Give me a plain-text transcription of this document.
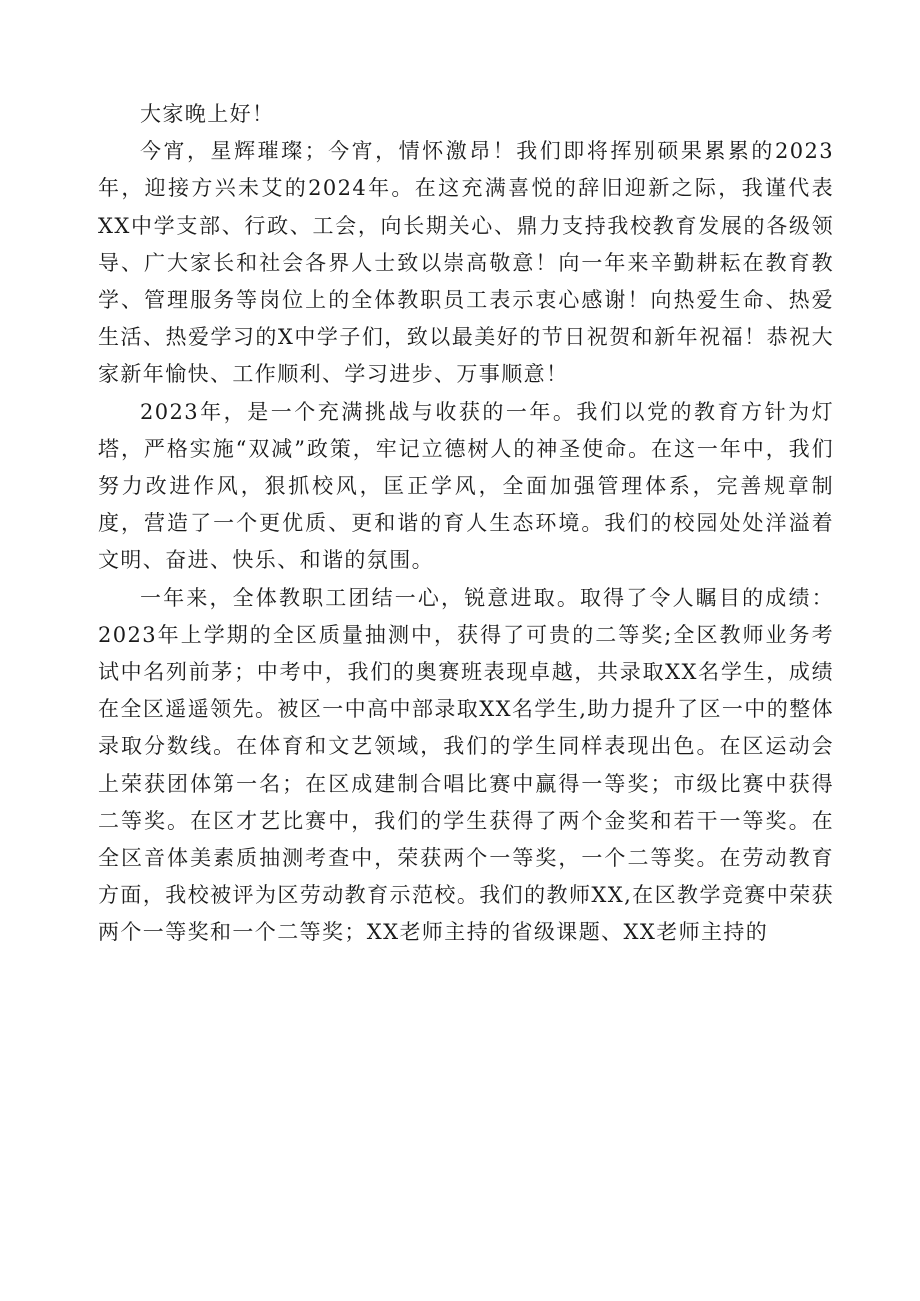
大家晚上好！

今宵，星辉璀璨；今宵，情怀激昂！我们即将挥别硕果累累的2023年，迎接方兴未艾的2024年。在这充满喜悦的辞旧迎新之际，我谨代表XX中学支部、行政、工会，向长期关心、鼎力支持我校教育发展的各级领导、广大家长和社会各界人士致以崇高敬意！向一年来辛勤耕耘在教育教学、管理服务等岗位上的全体教职员工表示衷心感谢！向热爱生命、热爱生活、热爱学习的X中学子们，致以最美好的节日祝贺和新年祝福！恭祝大家新年愉快、工作顺利、学习进步、万事顺意！

2023年，是一个充满挑战与收获的一年。我们以党的教育方针为灯塔，严格实施“双减”政策，牢记立德树人的神圣使命。在这一年中，我们努力改进作风，狠抓校风，匡正学风，全面加强管理体系，完善规章制度，营造了一个更优质、更和谐的育人生态环境。我们的校园处处洋溢着文明、奋进、快乐、和谐的氛围。

一年来，全体教职工团结一心，锐意进取。取得了令人瞩目的成绩：2023年上学期的全区质量抽测中，获得了可贵的二等奖;全区教师业务考试中名列前茅；中考中，我们的奥赛班表现卓越，共录取XX名学生，成绩在全区遥遥领先。被区一中高中部录取XX名学生,助力提升了区一中的整体录取分数线。在体育和文艺领域，我们的学生同样表现出色。在区运动会上荣获团体第一名；在区成建制合唱比赛中赢得一等奖；市级比赛中获得二等奖。在区才艺比赛中，我们的学生获得了两个金奖和若干一等奖。在全区音体美素质抽测考查中，荣获两个一等奖，一个二等奖。在劳动教育方面，我校被评为区劳动教育示范校。我们的教师XX,在区教学竞赛中荣获两个一等奖和一个二等奖；XX老师主持的省级课题、XX老师主持的
